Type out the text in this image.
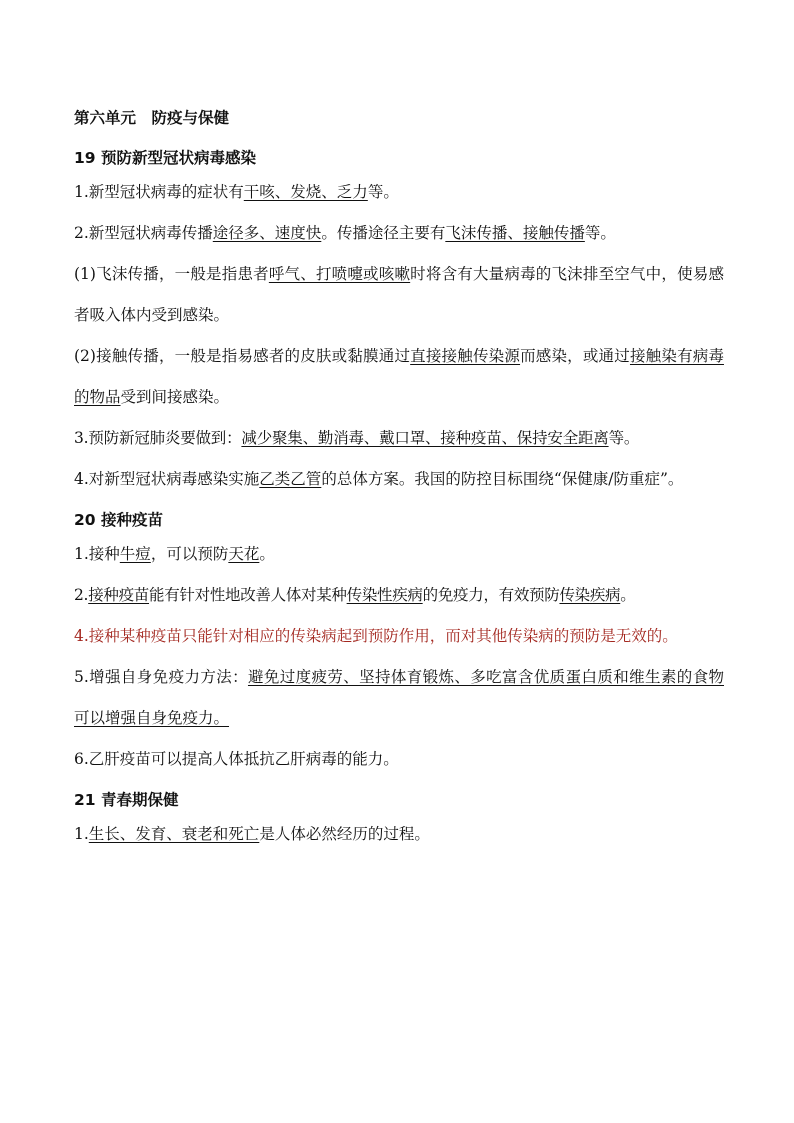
第六单元　防疫与保健
19 预防新型冠状病毒感染

1.新型冠状病毒的症状有干咳、发烧、乏力等。

2.新型冠状病毒传播途径多、速度快。传播途径主要有飞沫传播、接触传播等。

(1)飞沫传播，一般是指患者呼气、打喷嚏或咳嗽时将含有大量病毒的飞沫排至空气中，使易感者吸入体内受到感染。

(2)接触传播，一般是指易感者的皮肤或黏膜通过直接接触传染源而感染，或通过接触染有病毒的物品受到间接感染。

3.预防新冠肺炎要做到：减少聚集、勤消毒、戴口罩、接种疫苗、保持安全距离等。

4.对新型冠状病毒感染实施乙类乙管的总体方案。我国的防控目标围绕“保健康/防重症”。

20 接种疫苗

1.接种牛痘，可以预防天花。

2.接种疫苗能有针对性地改善人体对某种传染性疾病的免疫力，有效预防传染疾病。

4.接种某种疫苗只能针对相应的传染病起到预防作用，而对其他传染病的预防是无效的。

5.增强自身免疫力方法：避免过度疲劳、坚持体育锻炼、多吃富含优质蛋白质和维生素的食物可以增强自身免疫力。

6.乙肝疫苗可以提高人体抵抗乙肝病毒的能力。

21 青春期保健

1.生长、发育、衰老和死亡是人体必然经历的过程。
